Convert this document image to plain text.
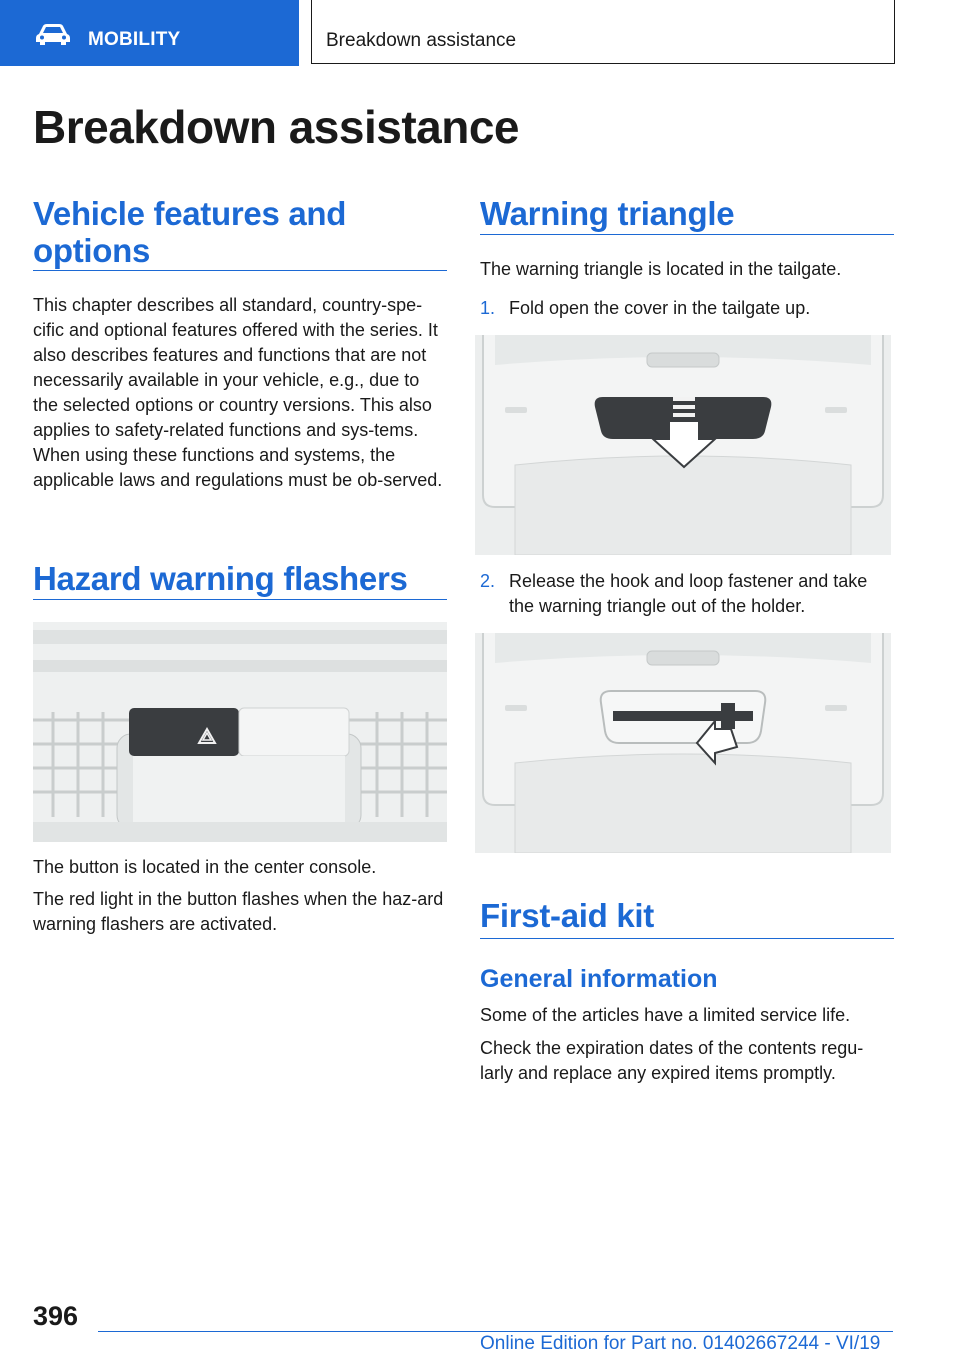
MOBILITY	Breakdown assistance
Breakdown assistance
Vehicle features and options

This chapter describes all standard, country-spe-cific and optional features offered with the series. It also describes features and functions that are not necessarily available in your vehicle, e.g., due to the selected options or country versions. This also applies to safety-related functions and sys-tems. When using these functions and systems, the applicable laws and regulations must be ob-served.

Hazard warning flashers

The button is located in the center console.

The red light in the button flashes when the haz-ard warning flashers are activated.

Warning triangle

The warning triangle is located in the tailgate.

1. Fold open the cover in the tailgate up.
2. Release the hook and loop fastener and take the warning triangle out of the holder.
First-aid kit
General information

Some of the articles have a limited service life.

Check the expiration dates of the contents regu-larly and replace any expired items promptly.

396
Online Edition for Part no. 01402667244 - VI/19
